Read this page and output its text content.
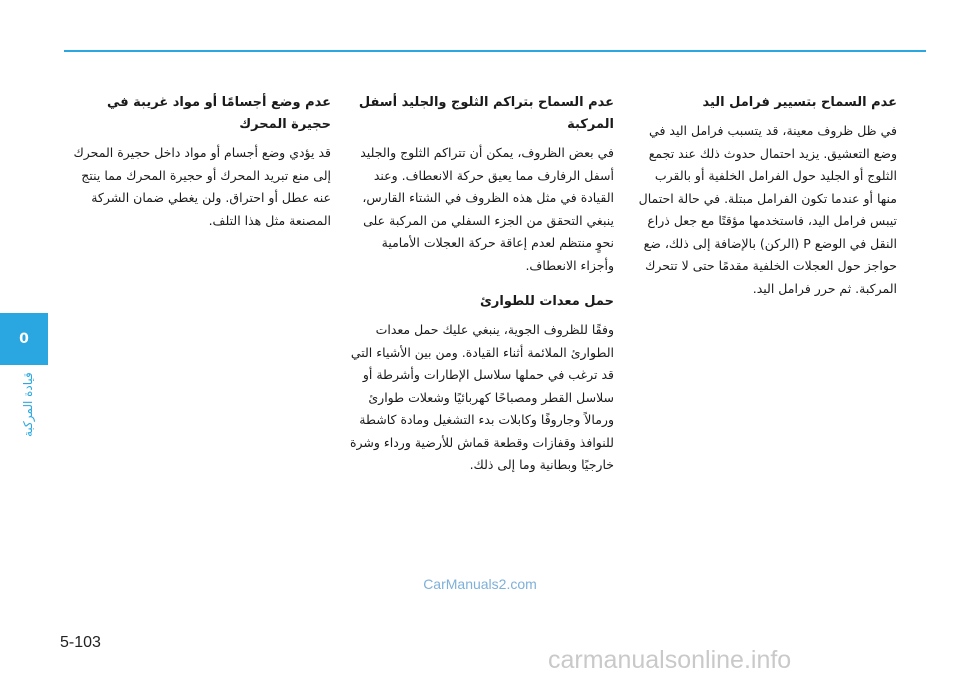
0
قيادة المركبة
عدم السماح بتسيير فرامل اليد

في ظل ظروف معينة، قد يتسبب فرامل اليد في وضع التعشيق. يزيد احتمال حدوث ذلك عند تجمع الثلوج أو الجليد حول الفرامل الخلفية أو بالقرب منها أو عندما تكون الفرامل مبتلة. في حالة احتمال تيبس فرامل اليد، فاستخدمها مؤقتًا مع جعل ذراع النقل في الوضع P (الركن) بالإضافة إلى ذلك، ضع حواجز حول العجلات الخلفية مقدمًا حتى لا تتحرك المركبة. ثم حرر فرامل اليد.

عدم السماح بتراكم الثلوج والجليد أسفل المركبة

في بعض الظروف، يمكن أن تتراكم الثلوج والجليد أسفل الرفارف مما يعيق حركة الانعطاف. وعند القيادة في مثل هذه الظروف في الشتاء القارس، ينبغي التحقق من الجزء السفلي من المركبة على نحوٍ منتظم لعدم إعاقة حركة العجلات الأمامية وأجزاء الانعطاف.

حمل معدات للطوارئ

وفقًا للظروف الجوية، ينبغي عليك حمل معدات الطوارئ الملائمة أثناء القيادة. ومن بين الأشياء التي قد ترغب في حملها سلاسل الإطارات وأشرطة أو سلاسل القطر ومصباحًا كهربائيًا وشعلات طوارئ ورمالاً وجاروفًا وكابلات بدء التشغيل ومادة كاشطة للنوافذ وقفازات وقطعة قماش للأرضية ورداء وشرة خارجيًا وبطانية وما إلى ذلك.

عدم وضع أجسامًا أو مواد غريبة في حجيرة المحرك

قد يؤدي وضع أجسام أو مواد داخل حجيرة المحرك إلى منع تبريد المحرك أو حجيرة المحرك مما ينتج عنه عطل أو احتراق. ولن يغطي ضمان الشركة المصنعة مثل هذا التلف.

CarManuals2.com
5-103
carmanualsonline.info
